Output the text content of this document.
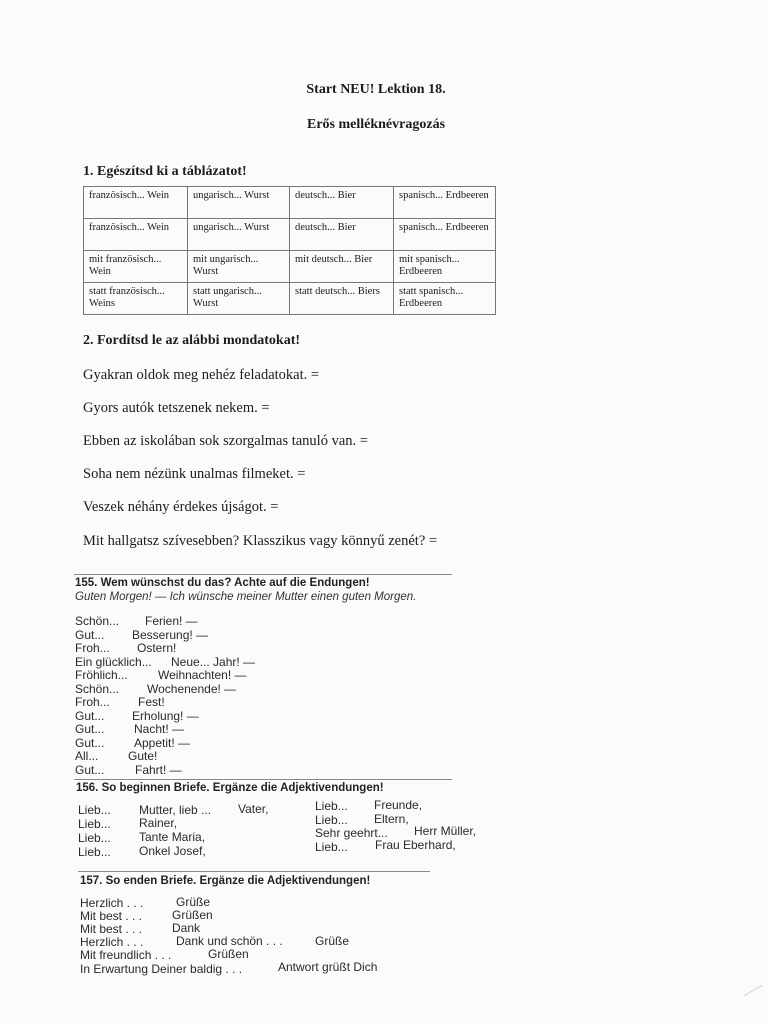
Start NEU! Lektion 18.
Erős melléknévragozás
1. Egészítsd ki a táblázatot!
französisch... Wein	ungarisch... Wurst	deutsch... Bier	spanisch... Erdbeeren
französisch... Wein	ungarisch... Wurst	deutsch... Bier	spanisch... Erdbeeren
mit französisch... Wein	mit ungarisch... Wurst	mit deutsch... Bier	mit spanisch... Erdbeeren
statt französisch... Weins	statt ungarisch... Wurst	statt deutsch... Biers	statt spanisch... Erdbeeren
2. Fordítsd le az alábbi mondatokat!
Gyakran oldok meg nehéz feladatokat. =
Gyors autók tetszenek nekem. =
Ebben az iskolában sok szorgalmas tanuló van. =
Soha nem nézünk unalmas filmeket. =
Veszek néhány érdekes újságot. =
Mit hallgatsz szívesebben? Klasszikus vagy könnyű zenét? =
155. Wem wünschst du das? Achte auf die Endungen!
Guten Morgen! — Ich wünsche meiner Mutter einen guten Morgen.
Schön... Ferien! —
Gut... Besserung! —
Froh... Ostern!
Ein glücklich... Neue... Jahr! —
Fröhlich...	Weihnachten! —
Schön... Wochenende! —
Froh... Fest!
Gut... Erholung! —
Gut... Nacht! —
Gut... Appetit! —
All... Gute!
Gut...	Fahrt! —
156. So beginnen Briefe. Ergänze die Adjektivendungen!
Lieb... Mutter, lieb ... Vater,
Lieb... Rainer,
Lieb... Tante Maria,
Lieb... Onkel Josef,
Lieb... Freunde,
Lieb... Eltern,
Sehr geehrt... Herr Müller,
Lieb... Frau Eberhard,
157. So enden Briefe. Ergänze die Adjektivendungen!
Herzlich . . .	Grüße
Mit best . . . Grüßen
Mit best . . . Dank
Herzlich . . .	Dank und schön . . .	Grüße
Mit freundlich . . .	Grüßen
In Erwartung Deiner baldig . . .	Antwort grüßt Dich
